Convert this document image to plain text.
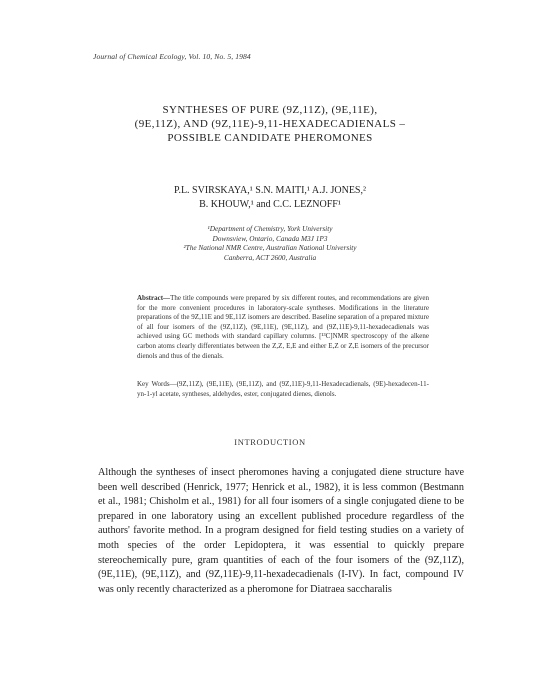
Journal of Chemical Ecology, Vol. 10, No. 5, 1984
SYNTHESES OF PURE (9Z,11Z), (9E,11E),
(9E,11Z), AND (9Z,11E)-9,11-HEXADECADIENALS –
POSSIBLE CANDIDATE PHEROMONES
P.L. SVIRSKAYA,¹ S.N. MAITI,¹ A.J. JONES,²
B. KHOUW,¹ and C.C. LEZNOFF¹
¹Department of Chemistry, York University
Downsview, Ontario, Canada M3J 1P3
²The National NMR Centre, Australian National University
Canberra, ACT 2600, Australia

Abstract—The title compounds were prepared by six different routes, and recommendations are given for the more convenient procedures in laboratory-scale syntheses. Modifications in the literature preparations of the 9Z,11E and 9E,11Z isomers are described. Baseline separation of a prepared mixture of all four isomers of the (9Z,11Z), (9E,11E), (9E,11Z), and (9Z,11E)-9,11-hexadecadienals was achieved using GC methods with standard capillary columns. [¹³C]NMR spectroscopy of the alkene carbon atoms clearly differentiates between the Z,Z, E,E and either E,Z or Z,E isomers of the precursor dienols and thus of the dienals.

Key Words—(9Z,11Z), (9E,11E), (9E,11Z), and (9Z,11E)-9,11-Hexadecadienals, (9E)-hexadecen-11-yn-1-yl acetate, syntheses, aldehydes, ester, conjugated dienes, dienols.

INTRODUCTION

Although the syntheses of insect pheromones having a conjugated diene structure have been well described (Henrick, 1977; Henrick et al., 1982), it is less common (Bestmann et al., 1981; Chisholm et al., 1981) for all four isomers of a single conjugated diene to be prepared in one laboratory using an excellent published procedure regardless of the authors' favorite method. In a program designed for field testing studies on a variety of moth species of the order Lepidoptera, it was essential to quickly prepare stereochemically pure, gram quantities of each of the four isomers of the (9Z,11Z), (9E,11E), (9E,11Z), and (9Z,11E)-9,11-hexadecadienals (I-IV). In fact, compound IV was only recently characterized as a pheromone for Diatraea saccharalis
